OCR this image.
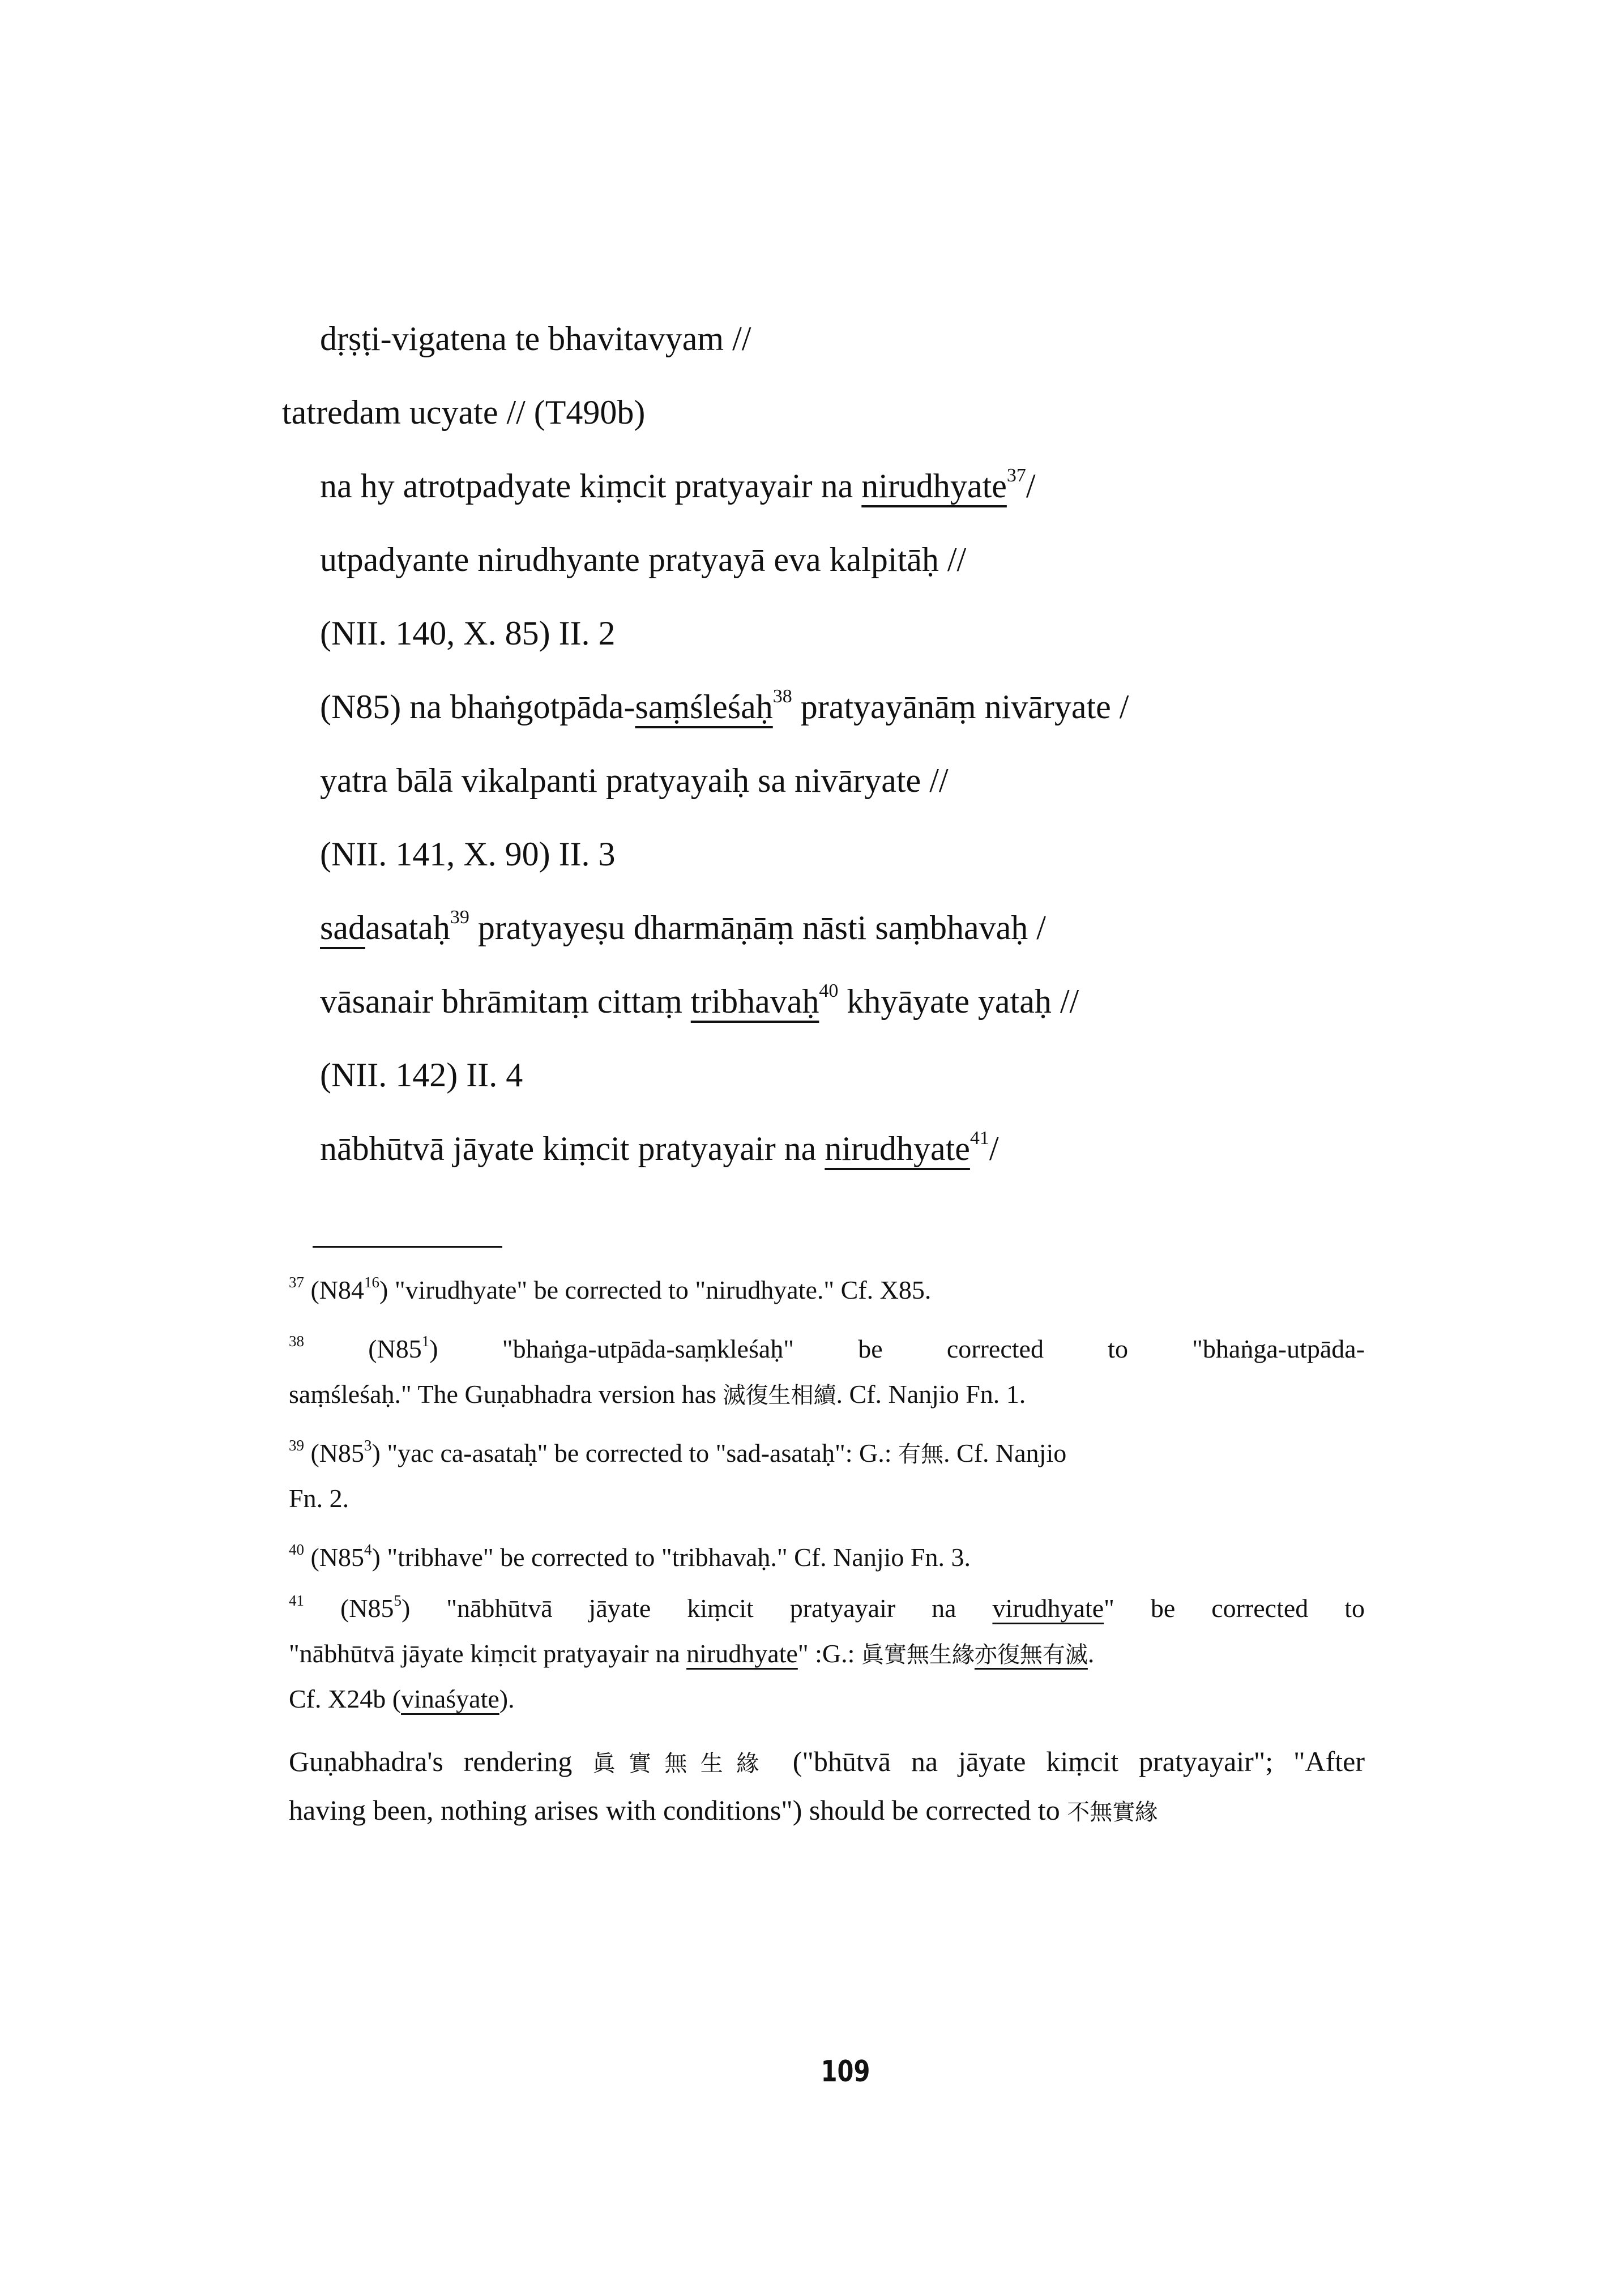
dṛṣṭi-vigatena te bhavitavyam //
tatredam ucyate // (T490b)
na hy atrotpadyate kiṃcit pratyayair na nirudhyate$^{37}$/
utpadyante nirudhyante pratyayā eva kalpitāḥ //
(NII. 140, X. 85) II. 2
(N85) na bhaṅgotpāda-saṃśleśaḥ$^{38}$ pratyayānāṃ nivāryate /
yatra bālā vikalpanti pratyayaiḥ sa nivāryate //
(NII. 141, X. 90) II. 3
sadasataḥ$^{39}$ pratyayeṣu dharmāṇāṃ nāsti saṃbhavaḥ /
vāsanair bhrāmitaṃ cittaṃ tribhavaḥ$^{40}$ khyāyate yataḥ //
(NII. 142) II. 4
nābhūtvā jāyate kiṃcit pratyayair na nirudhyate$^{41}$/
$^{37}$ $(N84^{16})$ "virudhyate" be corrected to "nirudhyate." Cf. X85.
$^{38}$ $(N85^1)$ "bhaṅga-utpāda-saṃkleśaḥ" be corrected to "bhaṅga-utpāda-
saṃśleśaḥ." The Guṇabhadra version has 滅復生相續. Cf. Nanjio Fn. 1.
$^{39}$ $(N85^3)$ "yac ca-asataḥ" be corrected to "sad-asataḥ": G.: 有無. Cf. Nanjio
Fn. 2.
$^{40}$ $(N85^4)$ "tribhave" be corrected to "tribhavaḥ." Cf. Nanjio Fn. 3.
$^{41}$ $(N85^5)$ "nābhūtvā jāyate kiṃcit pratyayair na virudhyate" be corrected to
"nābhūtvā jāyate kiṃcit pratyayair na nirudhyate" :G.: 眞實無生緣亦復無有滅.
Cf. X24b (vinaśyate).
Guṇabhadra's rendering 眞實無生緣 ("bhūtvā na jāyate kiṃcit pratyayair"; "After
having been, nothing arises with conditions") should be corrected to 不無實緣
109
